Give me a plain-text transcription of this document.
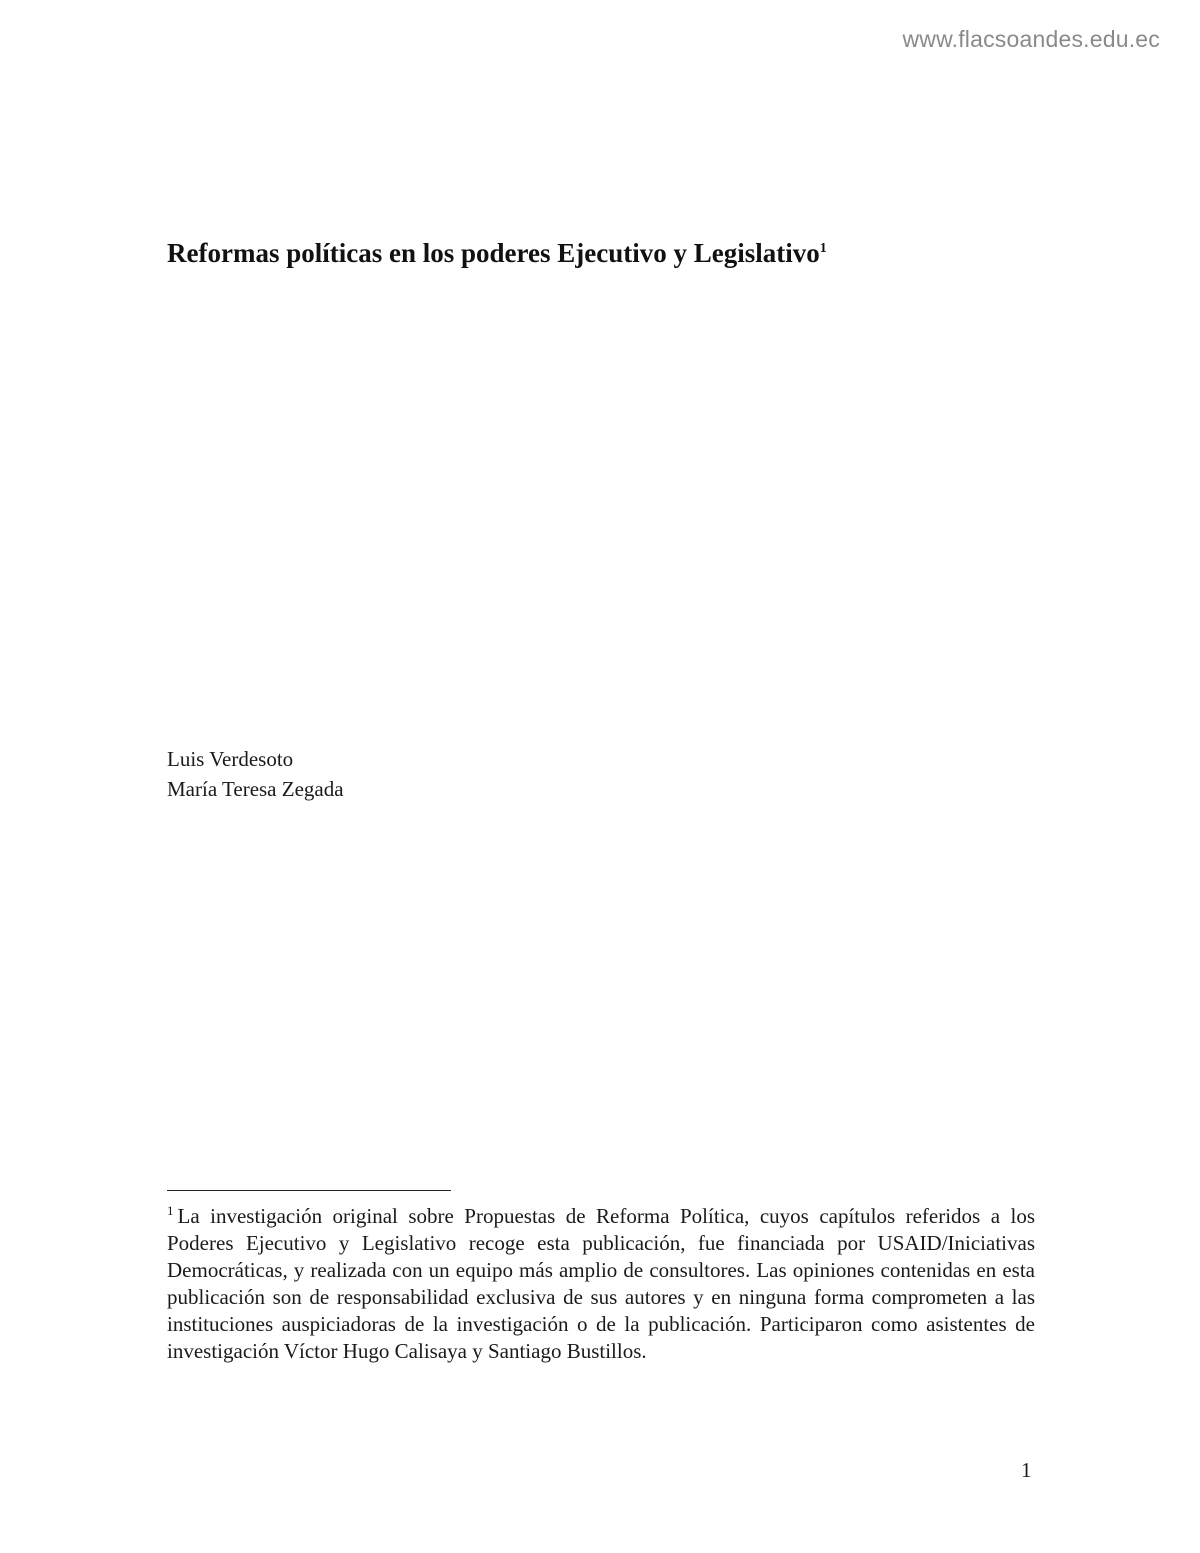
www.flacsoandes.edu.ec
Reformas políticas en los poderes Ejecutivo y Legislativo$^1$
Luis Verdesoto
María Teresa Zegada

$^1$ La investigación original sobre Propuestas de Reforma Política, cuyos capítulos referidos a los Poderes Ejecutivo y Legislativo recoge esta publicación, fue financiada por USAID/Iniciativas Democráticas, y realizada con un equipo más amplio de consultores. Las opiniones contenidas en esta publicación son de responsabilidad exclusiva de sus autores y en ninguna forma comprometen a las instituciones auspiciadoras de la investigación o de la publicación. Participaron como asistentes de investigación Víctor Hugo Calisaya y Santiago Bustillos.

1
